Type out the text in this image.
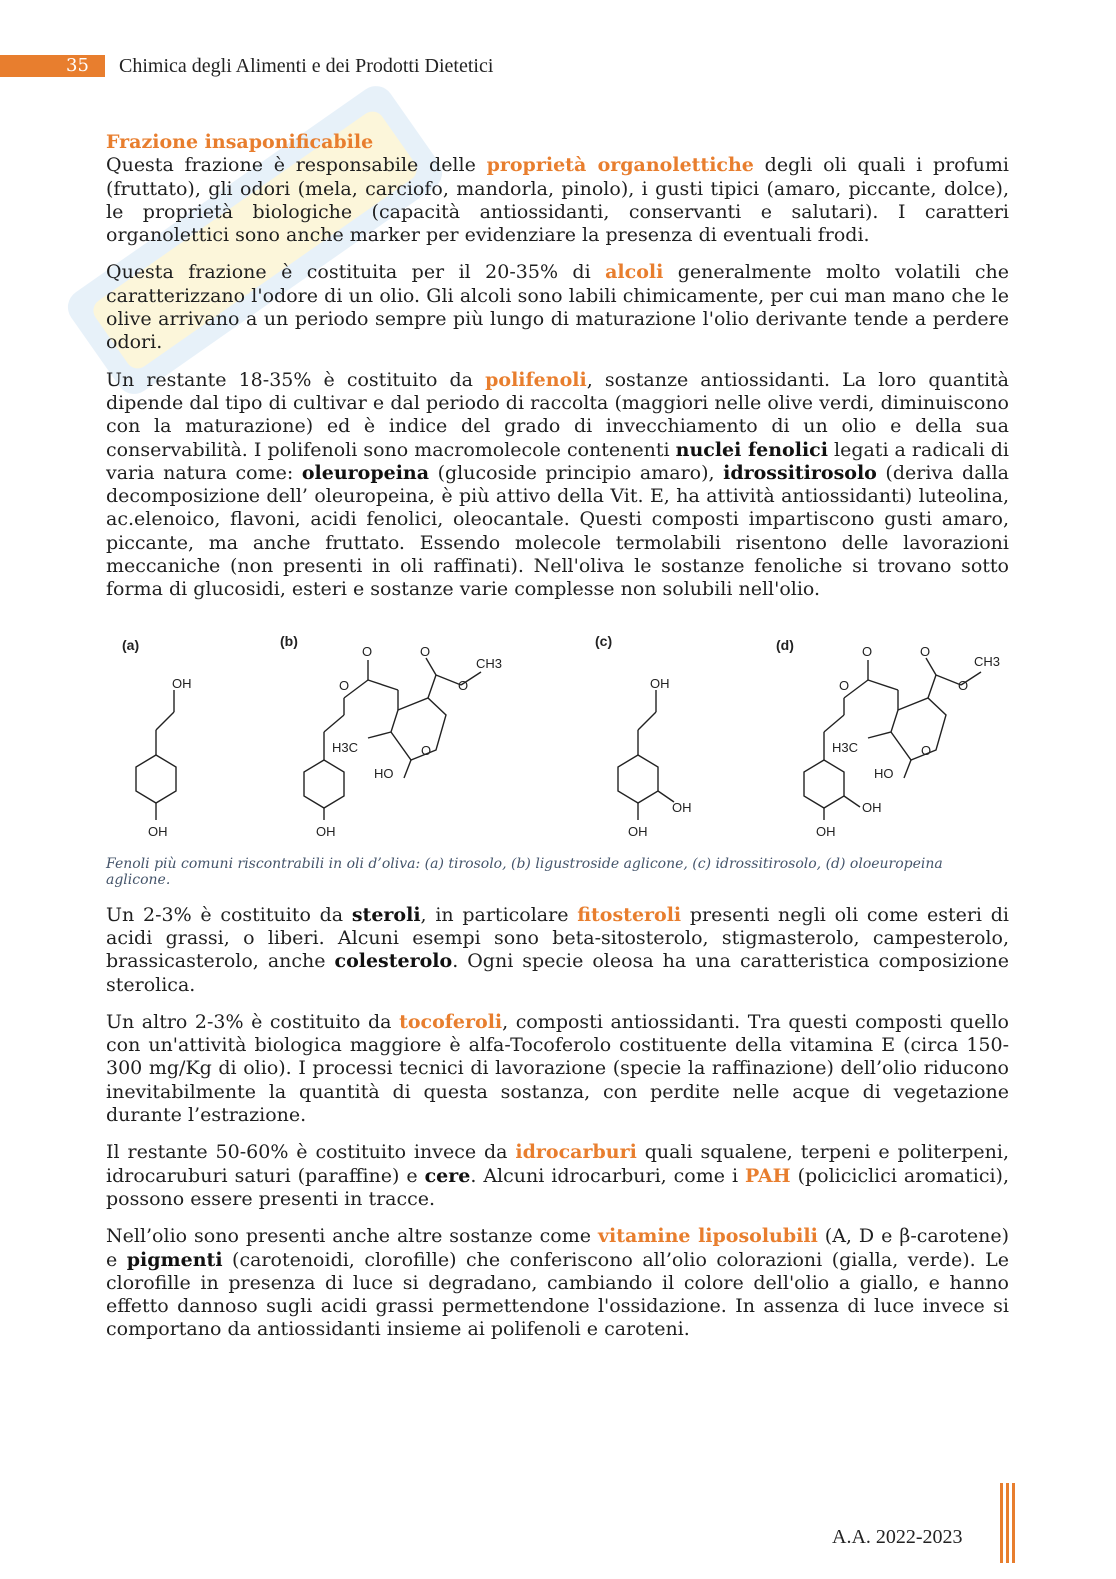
35 Chimica degli Alimenti e dei Prodotti Dietetici
Frazione insaponificabile

Questa frazione è responsabile delle proprietà organolettiche degli oli quali i profumi (fruttato), gli odori (mela, carciofo, mandorla, pinolo), i gusti tipici (amaro, piccante, dolce), le proprietà biologiche (capacità antiossidanti, conservanti e salutari). I caratteri organolettici sono anche marker per evidenziare la presenza di eventuali frodi.

Questa frazione è costituita per il 20-35% di alcoli generalmente molto volatili che caratterizzano l'odore di un olio. Gli alcoli sono labili chimicamente, per cui man mano che le olive arrivano a un periodo sempre più lungo di maturazione l'olio derivante tende a perdere odori.

Un restante 18-35% è costituito da polifenoli, sostanze antiossidanti. La loro quantità dipende dal tipo di cultivar e dal periodo di raccolta (maggiori nelle olive verdi, diminuiscono con la maturazione) ed è indice del grado di invecchiamento di un olio e della sua conservabilità. I polifenoli sono macromolecole contenenti nuclei fenolici legati a radicali di varia natura come: oleuropeina (glucoside principio amaro), idrossitirosolo (deriva dalla decomposizione dell’ oleuropeina, è più attivo della Vit. E, ha attività antiossidanti) luteolina, ac.elenoico, flavoni, acidi fenolici, oleocantale. Questi composti impartiscono gusti amaro, piccante, ma anche fruttato. Essendo molecole termolabili risentono delle lavorazioni meccaniche (non presenti in oli raffinati). Nell'oliva le sostanze fenoliche si trovano sotto forma di glucosidi, esteri e sostanze varie complesse non solubili nell'olio.

(a)	(b)	(c)	(d)
OH
OH
O
O
O
O
CH3
O
H3C
HO
OH
OH
OH
OH
O
O
O
O
CH3
O
H3C
HO
OH
OH
Fenoli più comuni riscontrabili in oli d’oliva: (a) tirosolo, (b) ligustroside aglicone, (c) idrossitirosolo, (d) oloeuropeina aglicone.

Un 2-3% è costituito da steroli, in particolare fitosteroli presenti negli oli come esteri di acidi grassi, o liberi. Alcuni esempi sono beta-sitosterolo, stigmasterolo, campesterolo, brassicasterolo, anche colesterolo. Ogni specie oleosa ha una caratteristica composizione sterolica.

Un altro 2-3% è costituito da tocoferoli, composti antiossidanti. Tra questi composti quello con un'attività biologica maggiore è alfa-Tocoferolo costituente della vitamina E (circa 150-300 mg/Kg di olio). I processi tecnici di lavorazione (specie la raffinazione) dell’olio riducono inevitabilmente la quantità di questa sostanza, con perdite nelle acque di vegetazione durante l’estrazione.

Il restante 50-60% è costituito invece da idrocarburi quali squalene, terpeni e politerpeni, idrocaruburi saturi (paraffine) e cere. Alcuni idrocarburi, come i PAH (policiclici aromatici), possono essere presenti in tracce.

Nell’olio sono presenti anche altre sostanze come vitamine liposolubili (A, D e β-carotene) e pigmenti (carotenoidi, clorofille) che conferiscono all’olio colorazioni (gialla, verde). Le clorofille in presenza di luce si degradano, cambiando il colore dell'olio a giallo, e hanno effetto dannoso sugli acidi grassi permettendone l'ossidazione. In assenza di luce invece si comportano da antiossidanti insieme ai polifenoli e caroteni.

A.A. 2022-2023
